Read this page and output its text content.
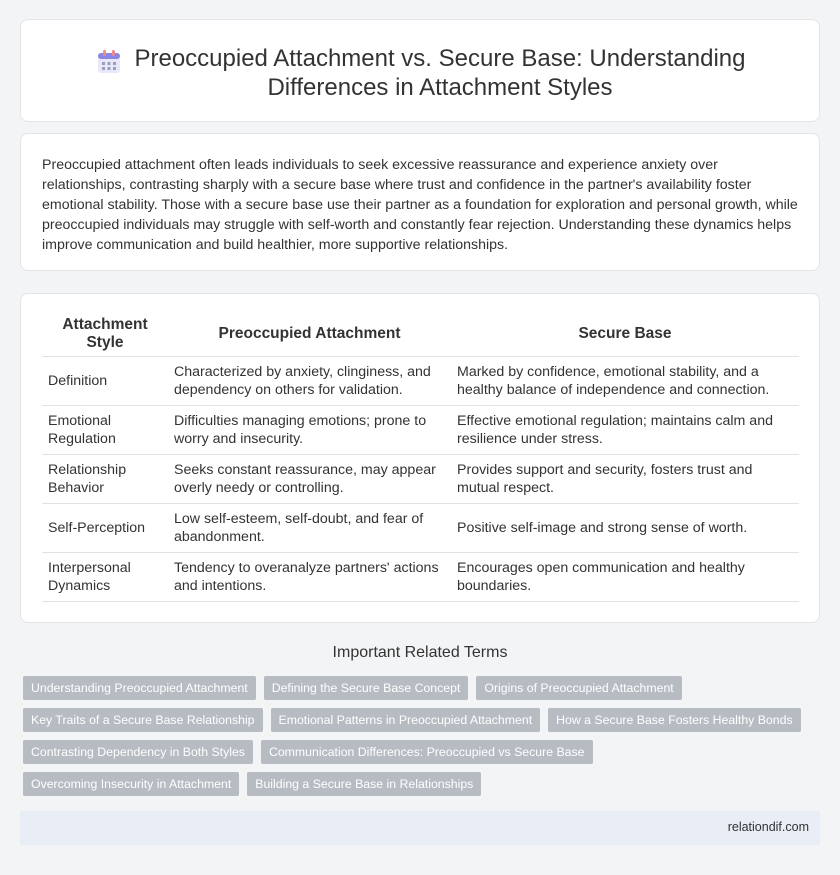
Preoccupied Attachment vs. Secure Base: Understanding Differences in Attachment Styles

Preoccupied attachment often leads individuals to seek excessive reassurance and experience anxiety over relationships, contrasting sharply with a secure base where trust and confidence in the partner's availability foster emotional stability. Those with a secure base use their partner as a foundation for exploration and personal growth, while preoccupied individuals may struggle with self-worth and constantly fear rejection. Understanding these dynamics helps improve communication and build healthier, more supportive relationships.

Attachment Style	Preoccupied Attachment	Secure Base
Definition	Characterized by anxiety, clinginess, and dependency on others for validation.	Marked by confidence, emotional stability, and a healthy balance of independence and connection.
Emotional Regulation	Difficulties managing emotions; prone to worry and insecurity.	Effective emotional regulation; maintains calm and resilience under stress.
Relationship Behavior	Seeks constant reassurance, may appear overly needy or controlling.	Provides support and security, fosters trust and mutual respect.
Self-Perception	Low self-esteem, self-doubt, and fear of abandonment.	Positive self-image and strong sense of worth.
Interpersonal Dynamics	Tendency to overanalyze partners' actions and intentions.	Encourages open communication and healthy boundaries.
Important Related Terms
Understanding Preoccupied Attachment	Defining the Secure Base Concept	Origins of Preoccupied Attachment
Key Traits of a Secure Base Relationship	Emotional Patterns in Preoccupied Attachment	How a Secure Base Fosters Healthy Bonds
Contrasting Dependency in Both Styles	Communication Differences: Preoccupied vs Secure Base
Overcoming Insecurity in Attachment	Building a Secure Base in Relationships
relationdif.com
